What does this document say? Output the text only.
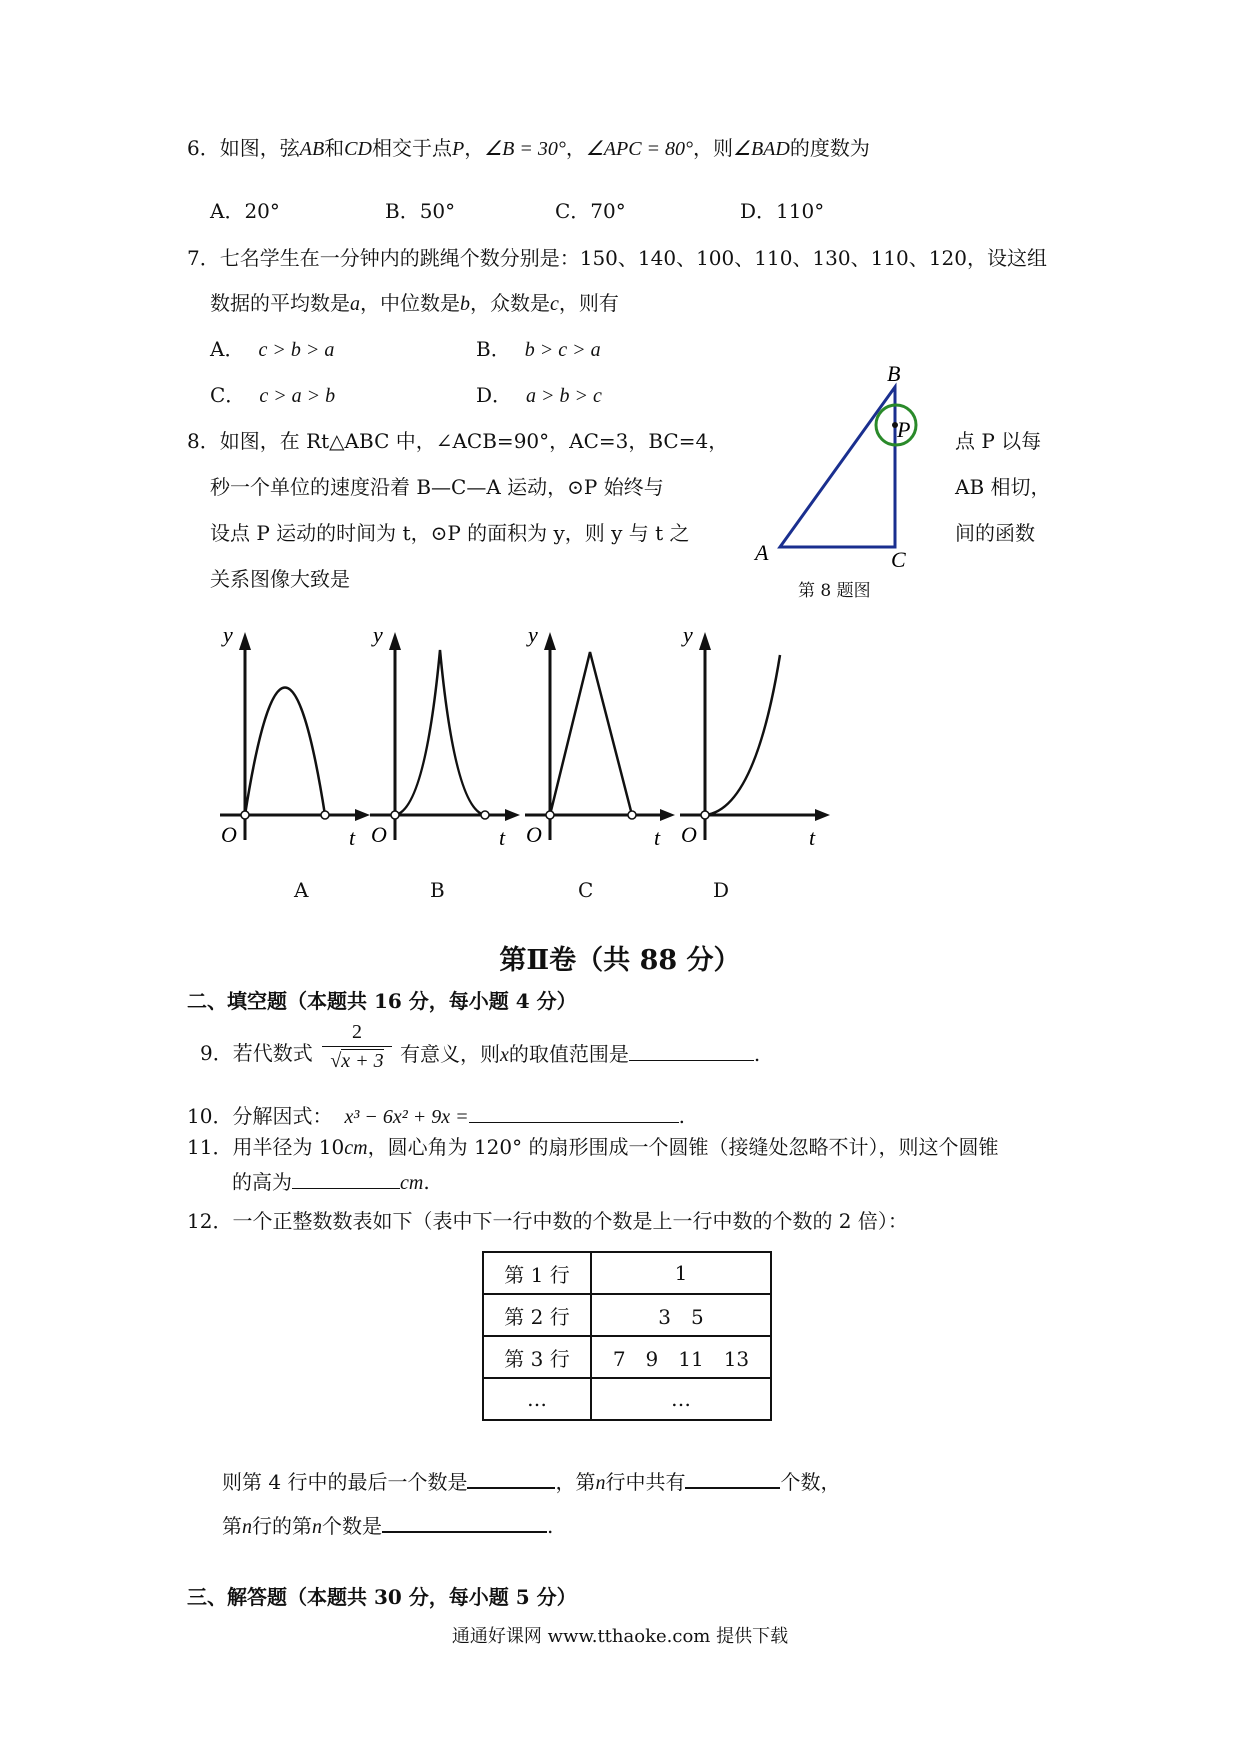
6．如图，弦AB和CD相交于点P，∠B = 30°，∠APC = 80°，则∠BAD的度数为
A．20°	B．50°	C．70°	D．110°
7．七名学生在一分钟内的跳绳个数分别是：150、140、100、110、130、110、120，设这组
数据的平均数是a，中位数是b，众数是c，则有
A． c > b > a	B． b > c > a
C． c > a > b	D． a > b > c
8．如图，在 Rt△ABC 中，∠ACB=90°，AC=3，BC=4，	点 P 以每
秒一个单位的速度沿着 B—C—A 运动，⊙P 始终与	AB 相切，
设点 P 运动的时间为 t，⊙P 的面积为 y，则 y 与 t 之	间的函数
关系图像大致是
B
P
A	C
第 8 题图
y
O	t
y
O	t
y
O	t
y
O	t
A	B	C	D
第Ⅱ卷（共 88 分）
二、填空题（本题共 16 分，每小题 4 分）
9．若代数式
2
√x + 3 有意义，则x的取值范围是	.
10．分解因式： x³ − 6x² + 9x =	.
11．用半径为 10cm，圆心角为 120° 的扇形围成一个圆锥（接缝处忽略不计），则这个圆锥
的高为	cm.
12．一个正整数数表如下（表中下一行中数的个数是上一行中数的个数的 2 倍）：
第 1 行	1
第 2 行	3　5
第 3 行	7　9　11　13
…	…
则第 4 行中的最后一个数是	，第n行中共有	个数，
第n行的第n个数是	.
三、解答题（本题共 30 分，每小题 5 分）
通通好课网 www.tthaoke.com 提供下载
